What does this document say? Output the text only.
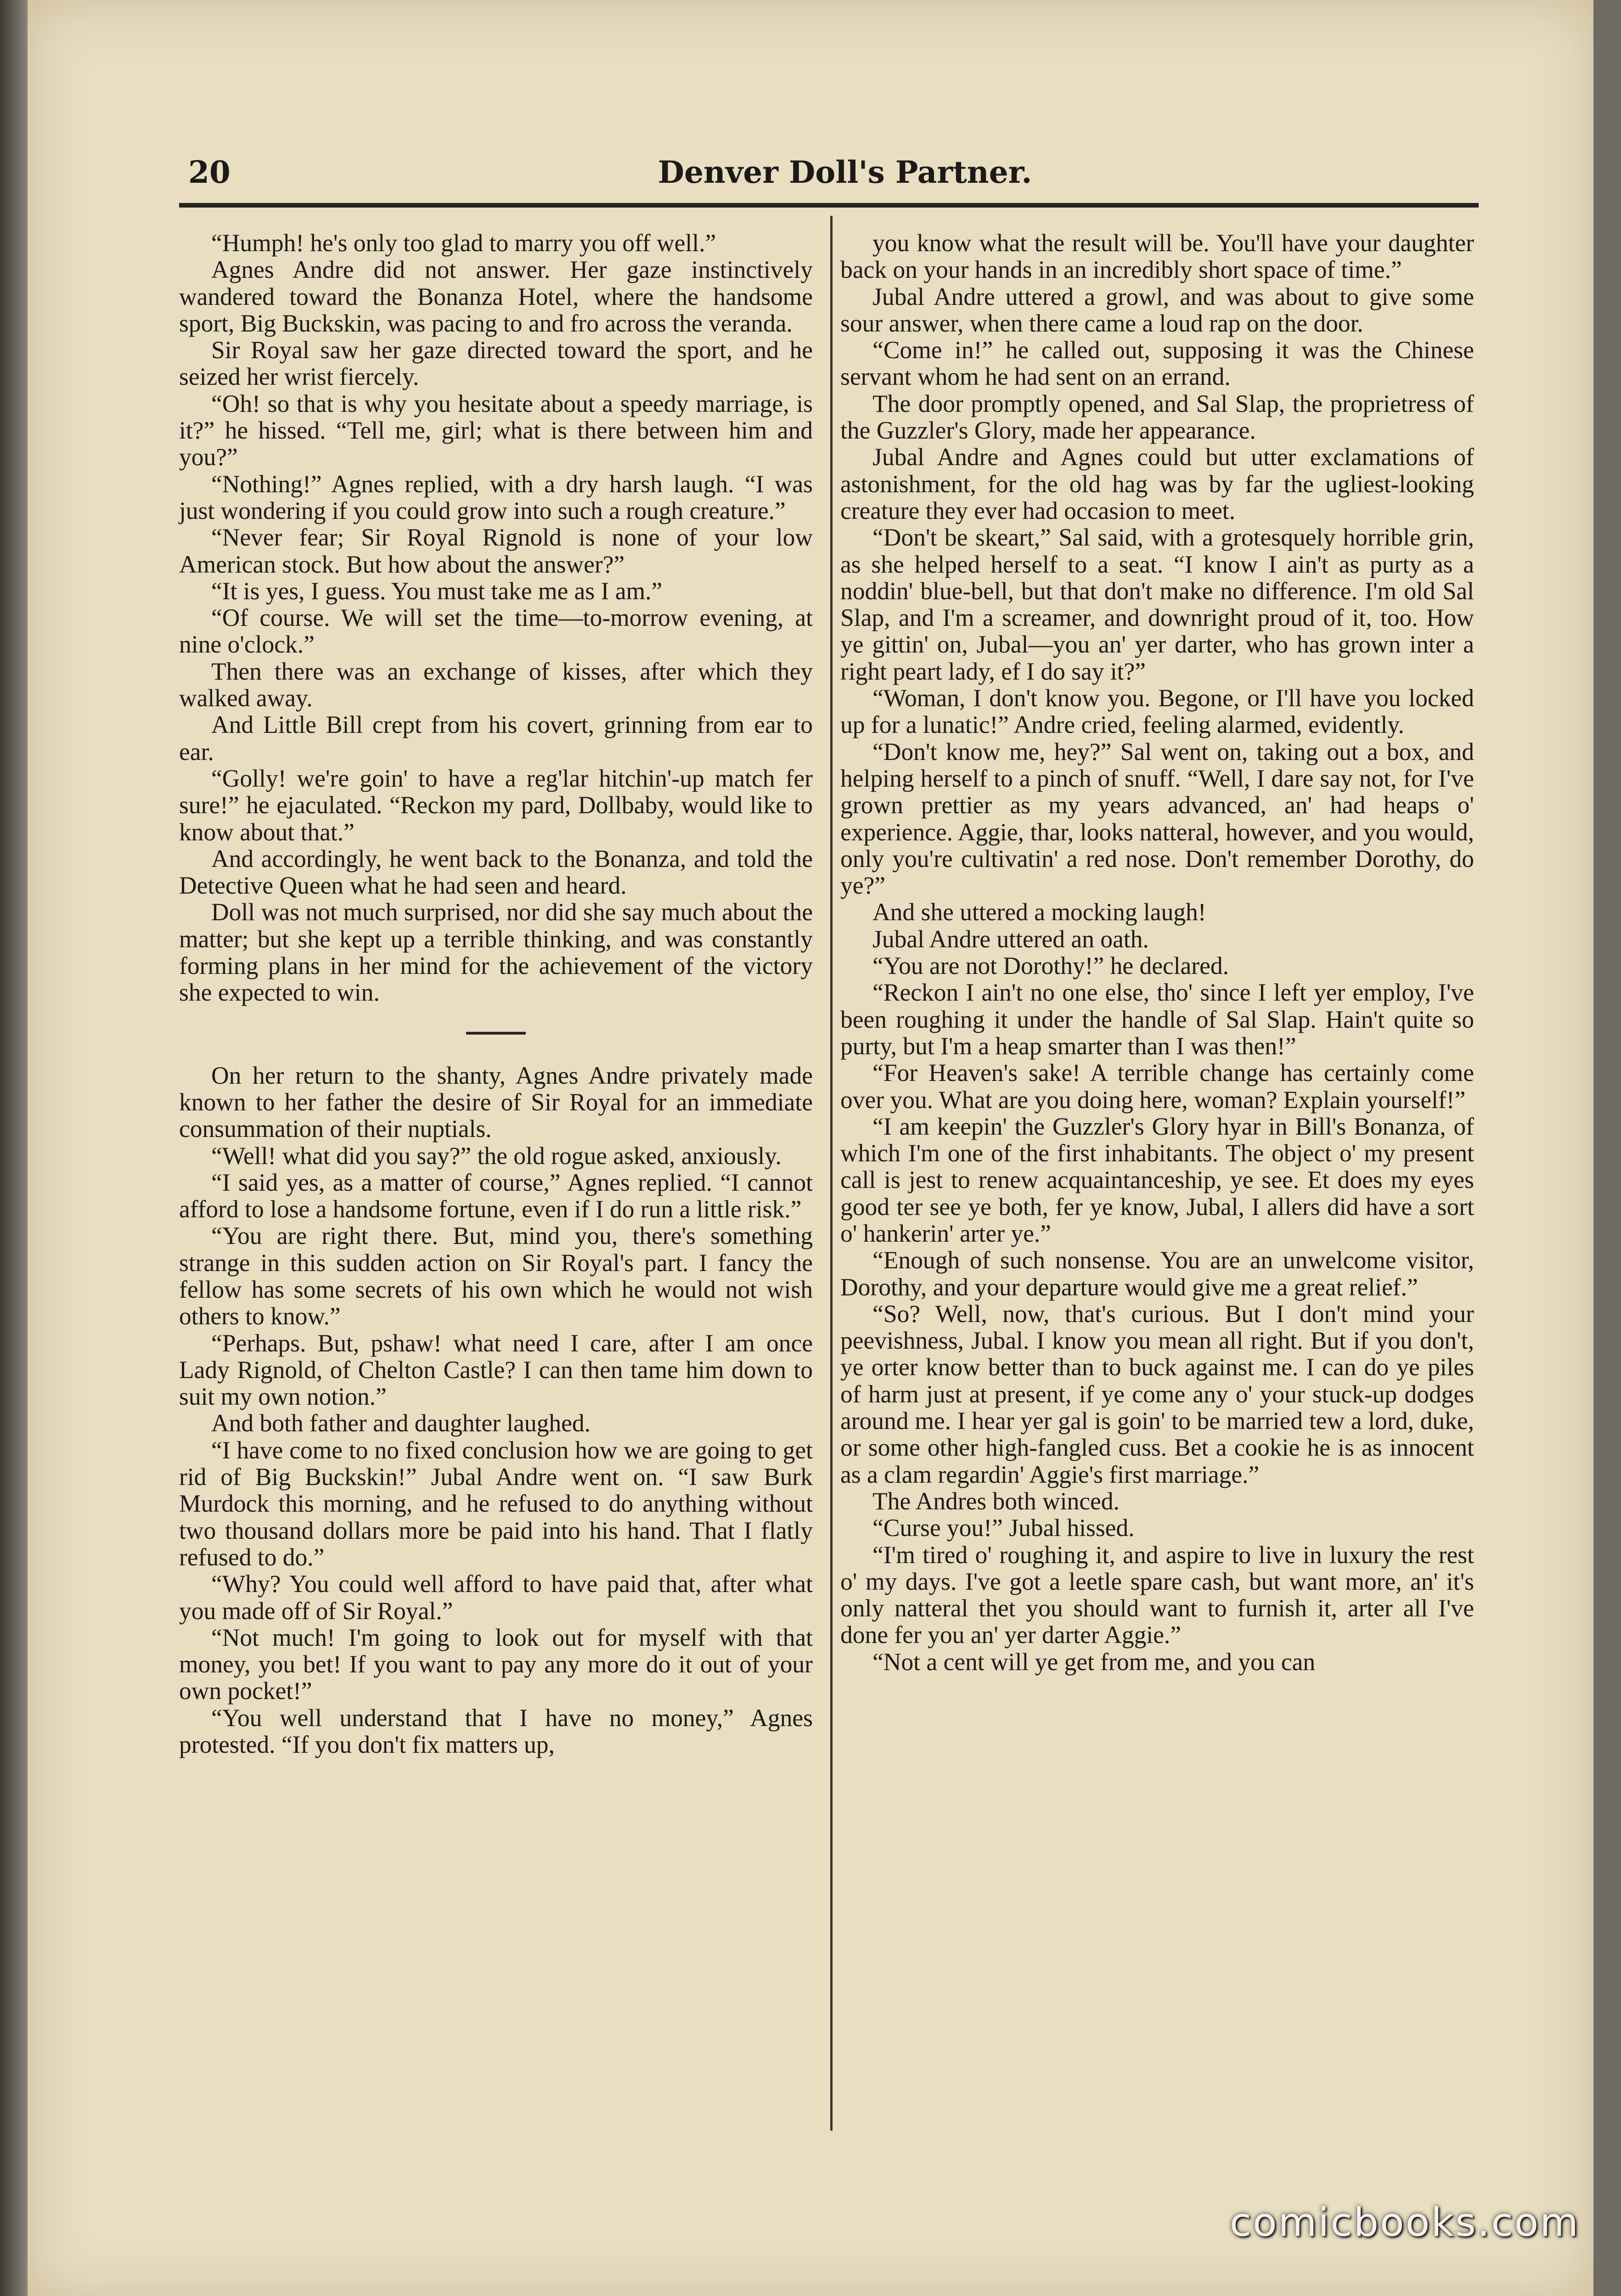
20	Denver Doll's Partner.

“Humph! he's only too glad to marry you off well.”

Agnes Andre did not answer. Her gaze instinctively wandered toward the Bonanza Hotel, where the handsome sport, Big Buckskin, was pacing to and fro across the veranda.

Sir Royal saw her gaze directed toward the sport, and he seized her wrist fiercely.

“Oh! so that is why you hesitate about a speedy marriage, is it?” he hissed. “Tell me, girl; what is there between him and you?”

“Nothing!” Agnes replied, with a dry harsh laugh. “I was just wondering if you could grow into such a rough creature.”

“Never fear; Sir Royal Rignold is none of your low American stock. But how about the answer?”

“It is yes, I guess. You must take me as I am.”

“Of course. We will set the time—to-morrow evening, at nine o'clock.”

Then there was an exchange of kisses, after which they walked away.

And Little Bill crept from his covert, grinning from ear to ear.

“Golly! we're goin' to have a reg'lar hitchin'-up match fer sure!” he ejaculated. “Reckon my pard, Dollbaby, would like to know about that.”

And accordingly, he went back to the Bonanza, and told the Detective Queen what he had seen and heard.

Doll was not much surprised, nor did she say much about the matter; but she kept up a terrible thinking, and was constantly forming plans in her mind for the achievement of the victory she expected to win.

On her return to the shanty, Agnes Andre privately made known to her father the desire of Sir Royal for an immediate consummation of their nuptials.

“Well! what did you say?” the old rogue asked, anxiously.

“I said yes, as a matter of course,” Agnes replied. “I cannot afford to lose a handsome fortune, even if I do run a little risk.”

“You are right there. But, mind you, there's something strange in this sudden action on Sir Royal's part. I fancy the fellow has some secrets of his own which he would not wish others to know.”

“Perhaps. But, pshaw! what need I care, after I am once Lady Rignold, of Chelton Castle? I can then tame him down to suit my own notion.”

And both father and daughter laughed.

“I have come to no fixed conclusion how we are going to get rid of Big Buckskin!” Jubal Andre went on. “I saw Burk Murdock this morning, and he refused to do anything without two thousand dollars more be paid into his hand. That I flatly refused to do.”

“Why? You could well afford to have paid that, after what you made off of Sir Royal.”

“Not much! I'm going to look out for myself with that money, you bet! If you want to pay any more do it out of your own pocket!”

“You well understand that I have no money,” Agnes protested. “If you don't fix matters up,

you know what the result will be. You'll have your daughter back on your hands in an incredibly short space of time.”

Jubal Andre uttered a growl, and was about to give some sour answer, when there came a loud rap on the door.

“Come in!” he called out, supposing it was the Chinese servant whom he had sent on an errand.

The door promptly opened, and Sal Slap, the proprietress of the Guzzler's Glory, made her appearance.

Jubal Andre and Agnes could but utter exclamations of astonishment, for the old hag was by far the ugliest-looking creature they ever had occasion to meet.

“Don't be skeart,” Sal said, with a grotesquely horrible grin, as she helped herself to a seat. “I know I ain't as purty as a noddin' blue-bell, but that don't make no difference. I'm old Sal Slap, and I'm a screamer, and downright proud of it, too. How ye gittin' on, Jubal—you an' yer darter, who has grown inter a right peart lady, ef I do say it?”

“Woman, I don't know you. Begone, or I'll have you locked up for a lunatic!” Andre cried, feeling alarmed, evidently.

“Don't know me, hey?” Sal went on, taking out a box, and helping herself to a pinch of snuff. “Well, I dare say not, for I've grown prettier as my years advanced, an' had heaps o' experience. Aggie, thar, looks natteral, however, and you would, only you're cultivatin' a red nose. Don't remember Dorothy, do ye?”

And she uttered a mocking laugh!

Jubal Andre uttered an oath.

“You are not Dorothy!” he declared.

“Reckon I ain't no one else, tho' since I left yer employ, I've been roughing it under the handle of Sal Slap. Hain't quite so purty, but I'm a heap smarter than I was then!”

“For Heaven's sake! A terrible change has certainly come over you. What are you doing here, woman? Explain yourself!”

“I am keepin' the Guzzler's Glory hyar in Bill's Bonanza, of which I'm one of the first inhabitants. The object o' my present call is jest to renew acquaintanceship, ye see. Et does my eyes good ter see ye both, fer ye know, Jubal, I allers did have a sort o' hankerin' arter ye.”

“Enough of such nonsense. You are an unwelcome visitor, Dorothy, and your departure would give me a great relief.”

“So? Well, now, that's curious. But I don't mind your peevishness, Jubal. I know you mean all right. But if you don't, ye orter know better than to buck against me. I can do ye piles of harm just at present, if ye come any o' your stuck-up dodges around me. I hear yer gal is goin' to be married tew a lord, duke, or some other high-fangled cuss. Bet a cookie he is as innocent as a clam regardin' Aggie's first marriage.”

The Andres both winced.

“Curse you!” Jubal hissed.

“I'm tired o' roughing it, and aspire to live in luxury the rest o' my days. I've got a leetle spare cash, but want more, an' it's only natteral thet you should want to furnish it, arter all I've done fer you an' yer darter Aggie.”

“Not a cent will ye get from me, and you can

comicbooks.com
